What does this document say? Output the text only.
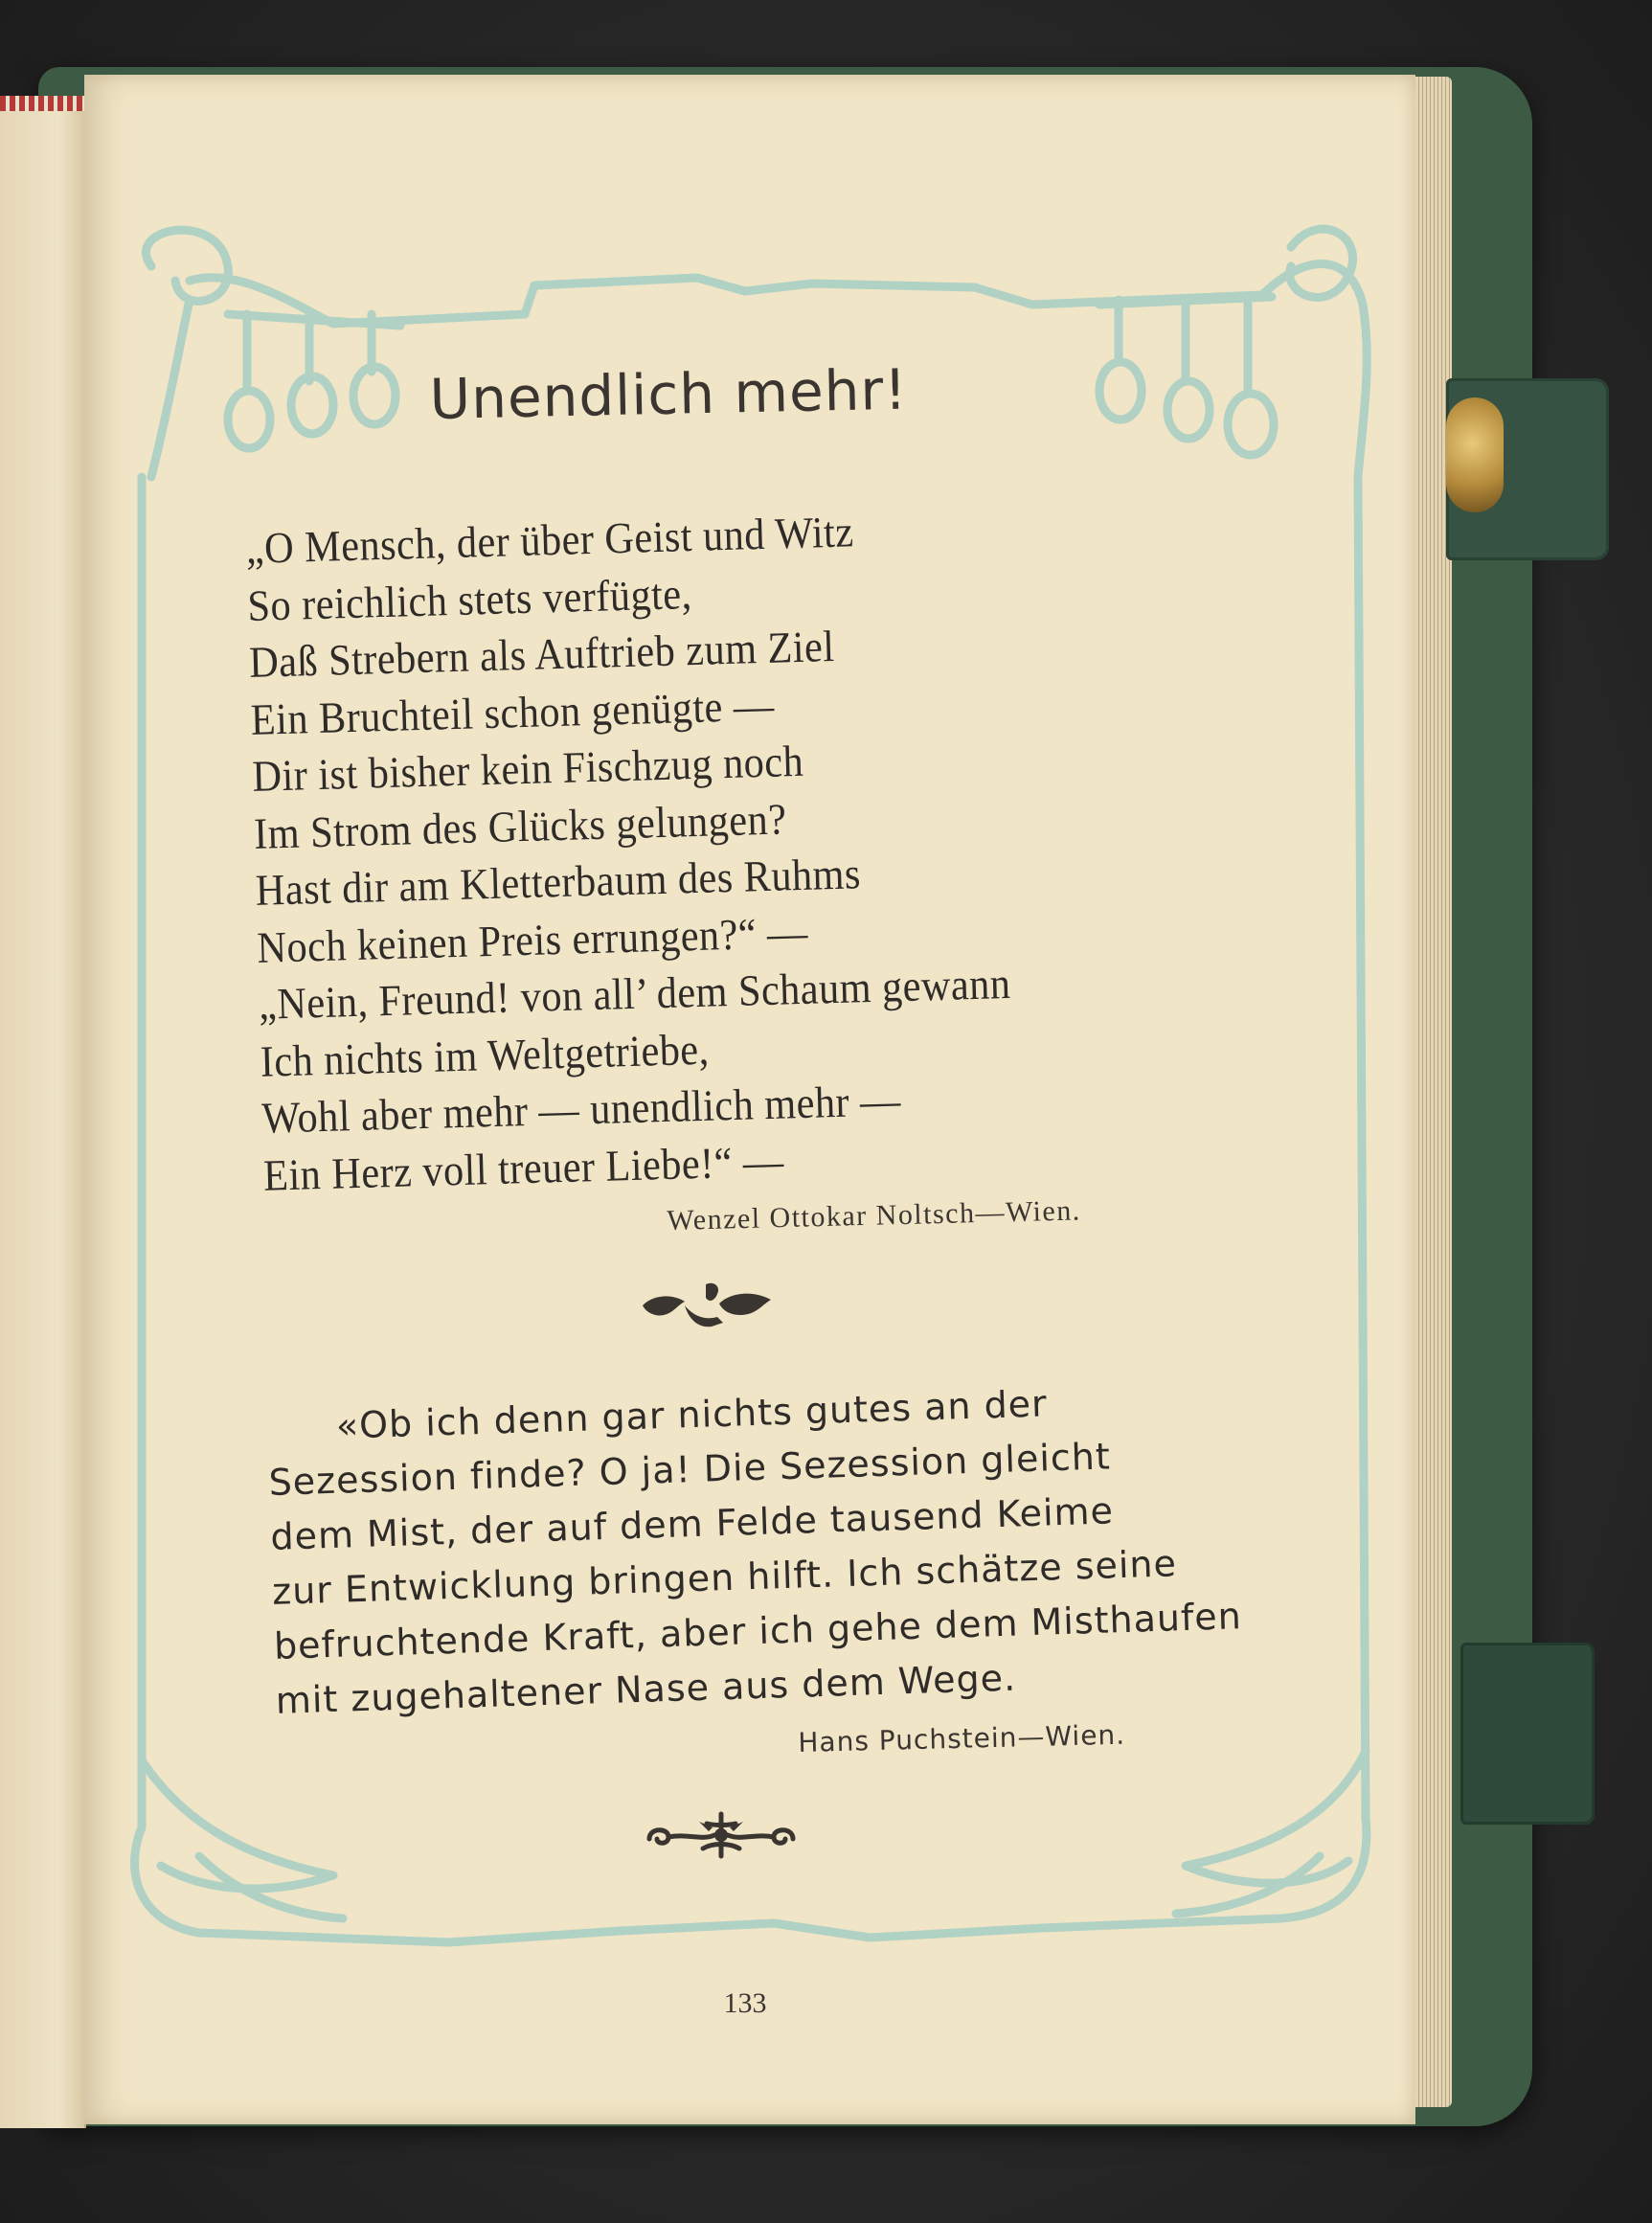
Unendlich mehr!
„O Mensch, der über Geist und Witz
So reichlich stets verfügte,
Daß Strebern als Auftrieb zum Ziel
Ein Bruchteil schon genügte —
Dir ist bisher kein Fischzug noch
Im Strom des Glücks gelungen?
Hast dir am Kletterbaum des Ruhms
Noch keinen Preis errungen?“ —
„Nein, Freund! von all’ dem Schaum gewann
Ich nichts im Weltgetriebe,
Wohl aber mehr — unendlich mehr —
Ein Herz voll treuer Liebe!“ —
Wenzel Ottokar Noltsch—Wien.
«Ob ich denn gar nichts gutes an der
Sezession finde? O ja! Die Sezession gleicht
dem Mist, der auf dem Felde tausend Keime
zur Entwicklung bringen hilft. Ich schätze seine
befruchtende Kraft, aber ich gehe dem Misthaufen
mit zugehaltener Nase aus dem Wege.
Hans Puchstein—Wien.
133
